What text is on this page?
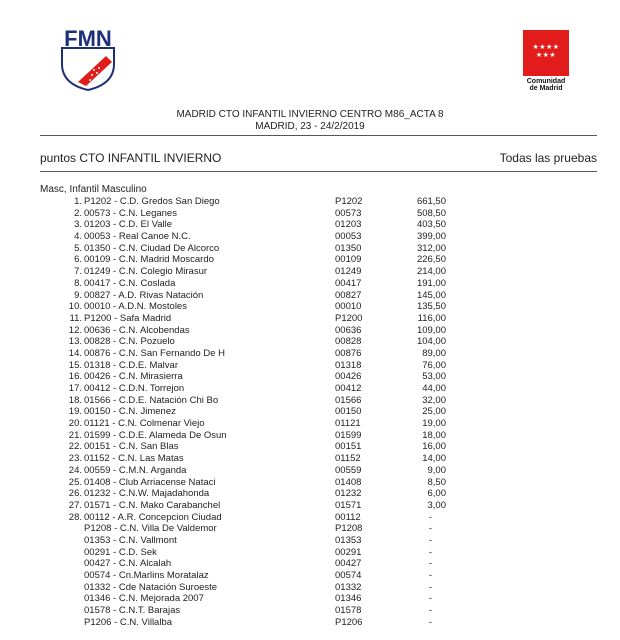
FMN	★★★★ ★★★
Comunidad
de Madrid
MADRID CTO INFANTIL INVIERNO CENTRO M86_ACTA 8
MADRID, 23 - 24/2/2019
puntos CTO INFANTIL INVIERNO	Todas las pruebas
Masc, Infantil Masculino
1. P1202 - C.D. Gredos San Diego	P1202	661,50
2. 00573 - C.N. Leganes	00573	508,50
3. 01203 - C.D. El Valle	01203	403,50
4. 00053 - Real Canoe N.C.	00053	399,00
5. 01350 - C.N. Ciudad De Alcorco	01350	312,00
6. 00109 - C.N. Madrid Moscardo	00109	226,50
7. 01249 - C.N. Colegio Mirasur	01249	214,00
8. 00417 - C.N. Coslada	00417	191,00
9. 00827 - A.D. Rivas Natación	00827	145,00
10. 00010 - A.D.N. Mostoles	00010	135,50
11. P1200 - Safa Madrid	P1200	116,00
12. 00636 - C.N. Alcobendas	00636	109,00
13. 00828 - C.N. Pozuelo	00828	104,00
14. 00876 - C.N. San Fernando De H	00876	89,00
15. 01318 - C.D.E. Malvar	01318	76,00
16. 00426 - C.N. Mirasierra	00426	53,00
17. 00412 - C.D.N. Torrejon	00412	44,00
18. 01566 - C.D.E. Natación Chi Bo	01566	32,00
19. 00150 - C.N. Jimenez	00150	25,00
20. 01121 - C.N. Colmenar Viejo	01121	19,00
21. 01599 - C.D.E. Alameda De Osun	01599	18,00
22. 00151 - C.N. San Blas	00151	16,00
23. 01152 - C.N. Las Matas	01152	14,00
24. 00559 - C.M.N. Arganda	00559	9,00
25. 01408 - Club Arriacense Nataci	01408	8,50
26. 01232 - C.N.W. Majadahonda	01232	6,00
27. 01571 - C.N. Mako Carabanchel	01571	3,00
28. 00112 - A.R. Concepcion Ciudad	00112	-
P1208 - C.N. Villa De Valdemor	P1208	-
01353 - C.N. Vallmont	01353	-
00291 - C.D. Sek	00291	-
00427 - C.N. Alcalah	00427	-
00574 - Cn.Marlins Moratalaz	00574	-
01332 - Cde Natación Suroeste	01332	-
01346 - C.N. Mejorada 2007	01346	-
01578 - C.N.T. Barajas	01578	-
P1206 - C.N. Villalba	P1206	-
